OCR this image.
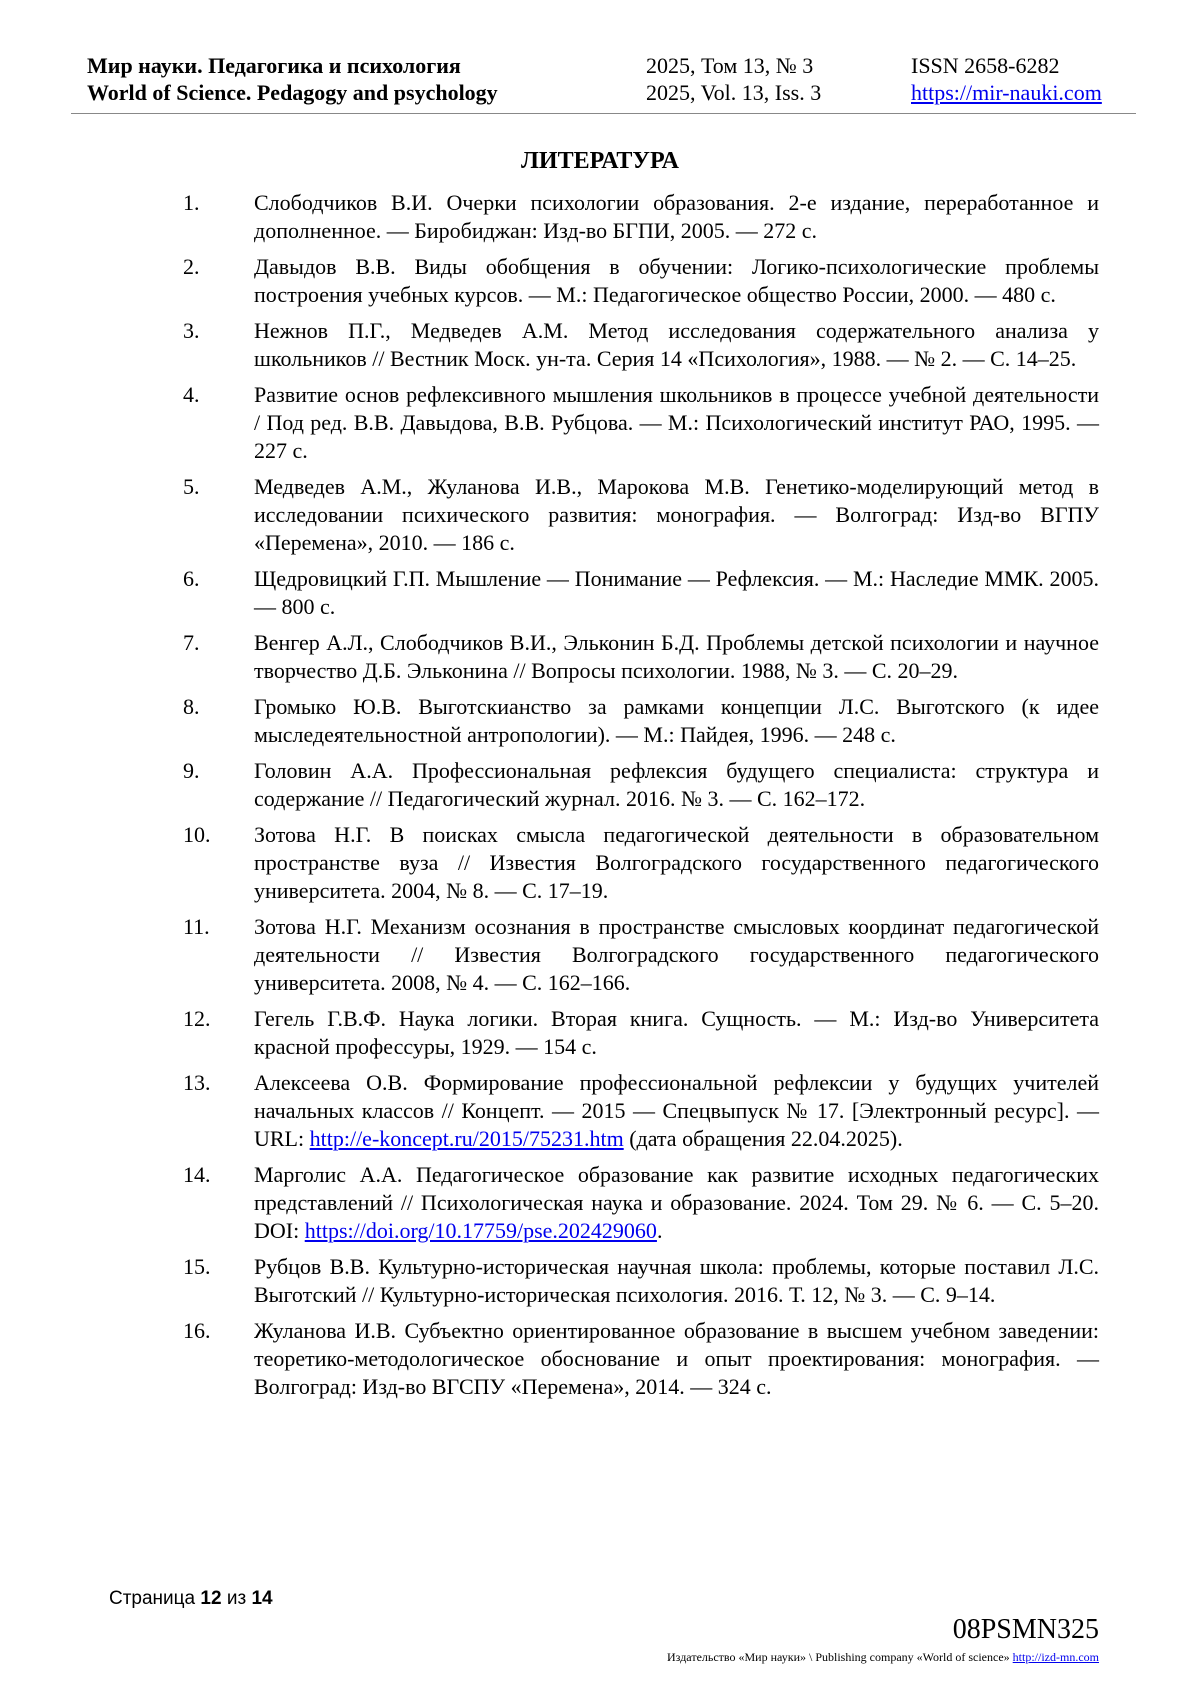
Мир науки. Педагогика и психология
World of Science. Pedagogy and psychology
2025, Том 13, № 3
2025, Vol. 13, Iss. 3
ISSN 2658-6282
https://mir-nauki.com
ЛИТЕРАТУРА
1.	Слободчиков В.И. Очерки психологии образования. 2-е издание, переработанное и дополненное. — Биробиджан: Изд-во БГПИ, 2005. — 272 с.
2.	Давыдов В.В. Виды обобщения в обучении: Логико-психологические проблемы построения учебных курсов. — М.: Педагогическое общество России, 2000. — 480 с.
3.	Нежнов П.Г., Медведев А.М. Метод исследования содержательного анализа у школьников // Вестник Моск. ун-та. Серия 14 «Психология», 1988. — № 2. — С. 14–25.
4.	Развитие основ рефлексивного мышления школьников в процессе учебной деятельности / Под ред. В.В. Давыдова, В.В. Рубцова. — М.: Психологический институт РАО, 1995. — 227 с.
5.	Медведев А.М., Жуланова И.В., Марокова М.В. Генетико-моделирующий метод в исследовании психического развития: монография. — Волгоград: Изд-во ВГПУ «Перемена», 2010. — 186 с.
6.	Щедровицкий Г.П. Мышление — Понимание — Рефлексия. — М.: Наследие ММК. 2005. — 800 с.
7.	Венгер А.Л., Слободчиков В.И., Эльконин Б.Д. Проблемы детской психологии и научное творчество Д.Б. Эльконина // Вопросы психологии. 1988, № 3. — С. 20–29.
8.	Громыко Ю.В. Выготскианство за рамками концепции Л.С. Выготского (к идее мыследеятельностной антропологии). — М.: Пайдея, 1996. — 248 с.
9.	Головин А.А. Профессиональная рефлексия будущего специалиста: структура и содержание // Педагогический журнал. 2016. № 3. — С. 162–172.
10.	Зотова Н.Г. В поисках смысла педагогической деятельности в образовательном пространстве вуза // Известия Волгоградского государственного педагогического университета. 2004, № 8. — С. 17–19.
11.	Зотова Н.Г. Механизм осознания в пространстве смысловых координат педагогической деятельности // Известия Волгоградского государственного педагогического университета. 2008, № 4. — С. 162–166.
12.	Гегель Г.В.Ф. Наука логики. Вторая книга. Сущность. — М.: Изд-во Университета красной профессуры, 1929. — 154 с.
13.	Алексеева О.В. Формирование профессиональной рефлексии у будущих учителей начальных классов // Концепт. — 2015 — Спецвыпуск № 17. [Электронный ресурс]. — URL: http://e-koncept.ru/2015/75231.htm (дата обращения 22.04.2025).
14.	Марголис А.А. Педагогическое образование как развитие исходных педагогических представлений // Психологическая наука и образование. 2024. Том 29. № 6. — С. 5–20. DOI: https://doi.org/10.17759/pse.202429060.
15.	Рубцов В.В. Культурно-историческая научная школа: проблемы, которые поставил Л.С. Выготский // Культурно-историческая психология. 2016. Т. 12, № 3. — С. 9–14.
16.	Жуланова И.В. Субъектно ориентированное образование в высшем учебном заведении: теоретико-методологическое обоснование и опыт проектирования: монография. — Волгоград: Изд-во ВГСПУ «Перемена», 2014. — 324 с.
Страница 12 из 14
08PSMN325
Издательство «Мир науки» \ Publishing company «World of science» http://izd-mn.com
